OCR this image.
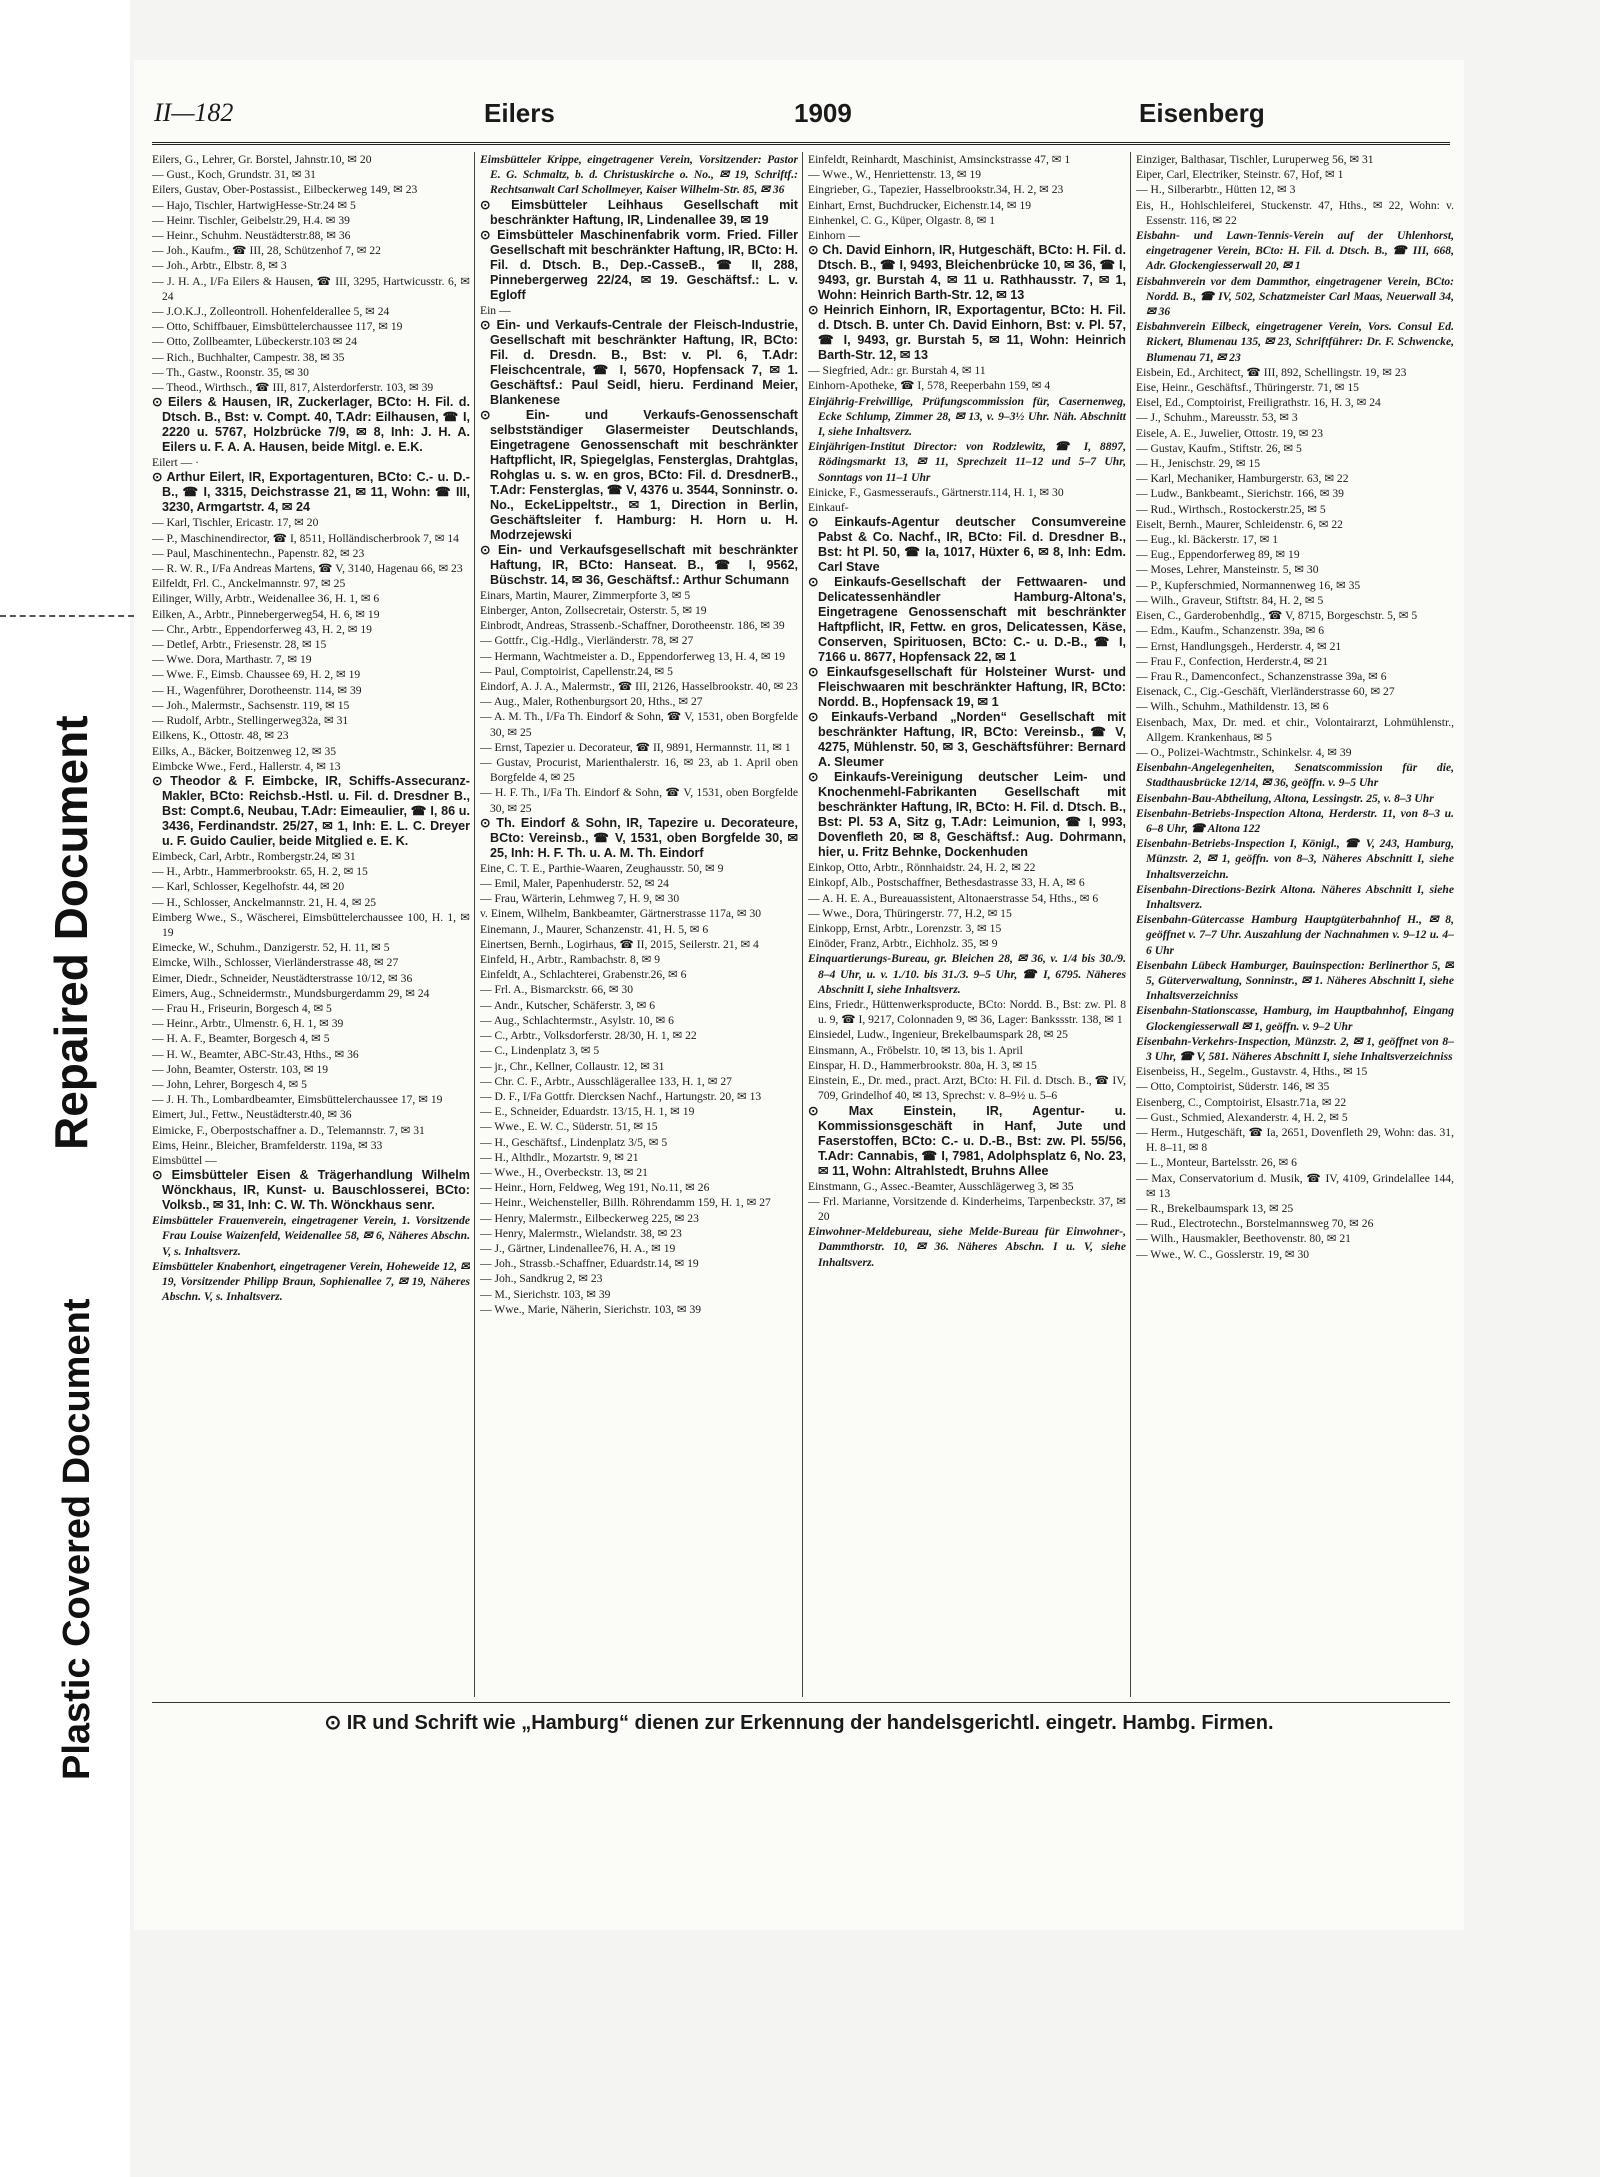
Repaired Document
Plastic Covered Document
II—182	Eilers	1909	Eisenberg
Eilers, G., Lehrer, Gr. Borstel, Jahnstr.10, ✉ 20
— Gust., Koch, Grundstr. 31, ✉ 31
Eilers, Gustav, Ober-Postassist., Eilbeckerweg 149, ✉ 23
— Hajo, Tischler, HartwigHesse-Str.24 ✉ 5
— Heinr. Tischler, Geibelstr.29, H.4. ✉ 39
— Heinr., Schuhm. Neustädterstr.88, ✉ 36
— Joh., Kaufm., ☎ III, 28, Schützenhof 7, ✉ 22
— Joh., Arbtr., Elbstr. 8, ✉ 3
— J. H. A., I/Fa Eilers & Hausen, ☎ III, 3295, Hartwicusstr. 6, ✉ 24
— J.O.K.J., Zolleontroll. Hohenfelderallee 5, ✉ 24
— Otto, Schiffbauer, Eimsbüttelerchaussee 117, ✉ 19
— Otto, Zollbeamter, Lübeckerstr.103 ✉ 24
— Rich., Buchhalter, Campestr. 38, ✉ 35
— Th., Gastw., Roonstr. 35, ✉ 30
— Theod., Wirthsch., ☎ III, 817, Alsterdorferstr. 103, ✉ 39
⊙ Eilers & Hausen, IR, Zuckerlager, BCto: H. Fil. d. Dtsch. B., Bst: v. Compt. 40, T.Adr: Eilhausen, ☎ I, 2220 u. 5767, Holzbrücke 7/9, ✉ 8, Inh: J. H. A. Eilers u. F. A. A. Hausen, beide Mitgl. e. E.K.
Eilert — ·
⊙ Arthur Eilert, IR, Exportagenturen, BCto: C.- u. D.-B., ☎ I, 3315, Deichstrasse 21, ✉ 11, Wohn: ☎ III, 3230, Armgartstr. 4, ✉ 24
— Karl, Tischler, Ericastr. 17, ✉ 20
— P., Maschinendirector, ☎ I, 8511, Holländischerbrook 7, ✉ 14
— Paul, Maschinentechn., Papenstr. 82, ✉ 23
— R. W. R., I/Fa Andreas Martens, ☎ V, 3140, Hagenau 66, ✉ 23
Eilfeldt, Frl. C., Anckelmannstr. 97, ✉ 25
Eilinger, Willy, Arbtr., Weidenallee 36, H. 1, ✉ 6
Eilken, A., Arbtr., Pinnebergerweg54, H. 6, ✉ 19
— Chr., Arbtr., Eppendorferweg 43, H. 2, ✉ 19
— Detlef, Arbtr., Friesenstr. 28, ✉ 15
— Wwe. Dora, Marthastr. 7, ✉ 19
— Wwe. F., Eimsb. Chaussee 69, H. 2, ✉ 19
— H., Wagenführer, Dorotheenstr. 114, ✉ 39
— Joh., Malermstr., Sachsenstr. 119, ✉ 15
— Rudolf, Arbtr., Stellingerweg32a, ✉ 31
Eilkens, K., Ottostr. 48, ✉ 23
Eilks, A., Bäcker, Boitzenweg 12, ✉ 35
Eimbcke Wwe., Ferd., Hallerstr. 4, ✉ 13
⊙ Theodor & F. Eimbcke, IR, Schiffs-Assecuranz-Makler, BCto: Reichsb.-Hstl. u. Fil. d. Dresdner B., Bst: Compt.6, Neubau, T.Adr: Eimeaulier, ☎ I, 86 u. 3436, Ferdinandstr. 25/27, ✉ 1, Inh: E. L. C. Dreyer u. F. Guido Caulier, beide Mitglied e. E. K.
Eimbeck, Carl, Arbtr., Rombergstr.24, ✉ 31
— H., Arbtr., Hammerbrookstr. 65, H. 2, ✉ 15
— Karl, Schlosser, Kegelhofstr. 44, ✉ 20
— H., Schlosser, Anckelmannstr. 21, H. 4, ✉ 25
Eimberg Wwe., S., Wäscherei, Eimsbüttelerchaussee 100, H. 1, ✉ 19
Eimecke, W., Schuhm., Danzigerstr. 52, H. 11, ✉ 5
Eimcke, Wilh., Schlosser, Vierländerstrasse 48, ✉ 27
Eimer, Diedr., Schneider, Neustädterstrasse 10/12, ✉ 36
Eimers, Aug., Schneidermstr., Mundsburgerdamm 29, ✉ 24
— Frau H., Friseurin, Borgesch 4, ✉ 5
— Heinr., Arbtr., Ulmenstr. 6, H. 1, ✉ 39
— H. A. F., Beamter, Borgesch 4, ✉ 5
— H. W., Beamter, ABC-Str.43, Hths., ✉ 36
— John, Beamter, Osterstr. 103, ✉ 19
— John, Lehrer, Borgesch 4, ✉ 5
— J. H. Th., Lombardbeamter, Eimsbüttelerchaussee 17, ✉ 19
Eimert, Jul., Fettw., Neustädterstr.40, ✉ 36
Eimicke, F., Oberpostschaffner a. D., Telemannstr. 7, ✉ 31
Eims, Heinr., Bleicher, Bramfelderstr. 119a, ✉ 33
Eimsbüttel —
⊙ Eimsbütteler Eisen & Trägerhandlung Wilhelm Wönckhaus, IR, Kunst- u. Bauschlosserei, BCto: Volksb., ✉ 31, Inh: C. W. Th. Wönckhaus senr.
Eimsbütteler Frauenverein, eingetragener Verein, 1. Vorsitzende Frau Louise Waizenfeld, Weidenallee 58, ✉ 6, Näheres Abschn. V, s. Inhaltsverz.
Eimsbütteler Knabenhort, eingetragener Verein, Hoheweide 12, ✉ 19, Vorsitzender Philipp Braun, Sophienallee 7, ✉ 19, Näheres Abschn. V, s. Inhaltsverz.
Eimsbütteler Krippe, eingetragener Verein, Vorsitzender: Pastor E. G. Schmaltz, b. d. Christuskirche o. No., ✉ 19, Schriftf.: Rechtsanwalt Carl Schollmeyer, Kaiser Wilhelm-Str. 85, ✉ 36
⊙ Eimsbütteler Leihhaus Gesellschaft mit beschränkter Haftung, IR, Lindenallee 39, ✉ 19
⊙ Eimsbütteler Maschinenfabrik vorm. Fried. Filler Gesellschaft mit beschränkter Haftung, IR, BCto: H. Fil. d. Dtsch. B., Dep.-CasseB., ☎ II, 288, Pinnebergerweg 22/24, ✉ 19. Geschäftsf.: L. v. Egloff
Ein —
⊙ Ein- und Verkaufs-Centrale der Fleisch-Industrie, Gesellschaft mit beschränkter Haftung, IR, BCto: Fil. d. Dresdn. B., Bst: v. Pl. 6, T.Adr: Fleischcentrale, ☎ I, 5670, Hopfensack 7, ✉ 1. Geschäftsf.: Paul Seidl, hieru. Ferdinand Meier, Blankenese
⊙ Ein- und Verkaufs-Genossenschaft selbstständiger Glasermeister Deutschlands, Eingetragene Genossenschaft mit beschränkter Haftpflicht, IR, Spiegelglas, Fensterglas, Drahtglas, Rohglas u. s. w. en gros, BCto: Fil. d. DresdnerB., T.Adr: Fensterglas, ☎ V, 4376 u. 3544, Sonninstr. o. No., EckeLippeltstr., ✉ 1, Direction in Berlin, Geschäftsleiter f. Hamburg: H. Horn u. H. Modrzejewski
⊙ Ein- und Verkaufsgesellschaft mit beschränkter Haftung, IR, BCto: Hanseat. B., ☎ I, 9562, Büschstr. 14, ✉ 36, Geschäftsf.: Arthur Schumann
Einars, Martin, Maurer, Zimmerpforte 3, ✉ 5
Einberger, Anton, Zollsecretair, Osterstr. 5, ✉ 19
Einbrodt, Andreas, Strassenb.-Schaffner, Dorotheenstr. 186, ✉ 39
— Gottfr., Cig.-Hdlg., Vierländerstr. 78, ✉ 27
— Hermann, Wachtmeister a. D., Eppendorferweg 13, H. 4, ✉ 19
— Paul, Comptoirist, Capellenstr.24, ✉ 5
Eindorf, A. J. A., Malermstr., ☎ III, 2126, Hasselbrookstr. 40, ✉ 23
— Aug., Maler, Rothenburgsort 20, Hths., ✉ 27
— A. M. Th., I/Fa Th. Eindorf & Sohn, ☎ V, 1531, oben Borgfelde 30, ✉ 25
— Ernst, Tapezier u. Decorateur, ☎ II, 9891, Hermannstr. 11, ✉ 1
— Gustav, Procurist, Marienthalerstr. 16, ✉ 23, ab 1. April oben Borgfelde 4, ✉ 25
— H. F. Th., I/Fa Th. Eindorf & Sohn, ☎ V, 1531, oben Borgfelde 30, ✉ 25
⊙ Th. Eindorf & Sohn, IR, Tapezire u. Decorateure, BCto: Vereinsb., ☎ V, 1531, oben Borgfelde 30, ✉ 25, Inh: H. F. Th. u. A. M. Th. Eindorf
Eine, C. T. E., Parthie-Waaren, Zeughausstr. 50, ✉ 9
— Emil, Maler, Papenhuderstr. 52, ✉ 24
— Frau, Wärterin, Lehmweg 7, H. 9, ✉ 30
v. Einem, Wilhelm, Bankbeamter, Gärtnerstrasse 117a, ✉ 30
Einemann, J., Maurer, Schanzenstr. 41, H. 5, ✉ 6
Einertsen, Bernh., Logirhaus, ☎ II, 2015, Seilerstr. 21, ✉ 4
Einfeld, H., Arbtr., Rambachstr. 8, ✉ 9
Einfeldt, A., Schlachterei, Grabenstr.26, ✉ 6
— Frl. A., Bismarckstr. 66, ✉ 30
— Andr., Kutscher, Schäferstr. 3, ✉ 6
— Aug., Schlachtermstr., Asylstr. 10, ✉ 6
— C., Arbtr., Volksdorferstr. 28/30, H. 1, ✉ 22
— C., Lindenplatz 3, ✉ 5
— jr., Chr., Kellner, Collaustr. 12, ✉ 31
— Chr. C. F., Arbtr., Ausschlägerallee 133, H. 1, ✉ 27
— D. F., I/Fa Gottfr. Diercksen Nachf., Hartungstr. 20, ✉ 13
— E., Schneider, Eduardstr. 13/15, H. 1, ✉ 19
— Wwe., E. W. C., Süderstr. 51, ✉ 15
— H., Geschäftsf., Lindenplatz 3/5, ✉ 5
— H., Althdlr., Mozartstr. 9, ✉ 21
— Wwe., H., Overbeckstr. 13, ✉ 21
— Heinr., Horn, Feldweg, Weg 191, No.11, ✉ 26
— Heinr., Weichensteller, Billh. Röhrendamm 159, H. 1, ✉ 27
— Henry, Malermstr., Eilbeckerweg 225, ✉ 23
— Henry, Malermstr., Wielandstr. 38, ✉ 23
— J., Gärtner, Lindenallee76, H. A., ✉ 19
— Joh., Strassb.-Schaffner, Eduardstr.14, ✉ 19
— Joh., Sandkrug 2, ✉ 23
— M., Sierichstr. 103, ✉ 39
— Wwe., Marie, Näherin, Sierichstr. 103, ✉ 39
Einfeldt, Reinhardt, Maschinist, Amsinckstrasse 47, ✉ 1
— Wwe., W., Henriettenstr. 13, ✉ 19
Eingrieber, G., Tapezier, Hasselbrookstr.34, H. 2, ✉ 23
Einhart, Ernst, Buchdrucker, Eichenstr.14, ✉ 19
Einhenkel, C. G., Küper, Olgastr. 8, ✉ 1
Einhorn —
⊙ Ch. David Einhorn, IR, Hutgeschäft, BCto: H. Fil. d. Dtsch. B., ☎ I, 9493, Bleichenbrücke 10, ✉ 36, ☎ I, 9493, gr. Burstah 4, ✉ 11 u. Rathhausstr. 7, ✉ 1, Wohn: Heinrich Barth-Str. 12, ✉ 13
⊙ Heinrich Einhorn, IR, Exportagentur, BCto: H. Fil. d. Dtsch. B. unter Ch. David Einhorn, Bst: v. Pl. 57, ☎ I, 9493, gr. Burstah 5, ✉ 11, Wohn: Heinrich Barth-Str. 12, ✉ 13
— Siegfried, Adr.: gr. Burstah 4, ✉ 11
Einhorn-Apotheke, ☎ I, 578, Reeperbahn 159, ✉ 4
Einjährig-Freiwillige, Prüfungscommission für, Casernenweg, Ecke Schlump, Zimmer 28, ✉ 13, v. 9–3½ Uhr. Näh. Abschnitt I, siehe Inhaltsverz.
Einjährigen-Institut Director: von Rodzlewitz, ☎ I, 8897, Rödingsmarkt 13, ✉ 11, Sprechzeit 11–12 und 5–7 Uhr, Sonntags von 11–1 Uhr
Einicke, F., Gasmesseraufs., Gärtnerstr.114, H. 1, ✉ 30
Einkauf-
⊙ Einkaufs-Agentur deutscher Consumvereine Pabst & Co. Nachf., IR, BCto: Fil. d. Dresdner B., Bst: ht Pl. 50, ☎ Ia, 1017, Hüxter 6, ✉ 8, Inh: Edm. Carl Stave
⊙ Einkaufs-Gesellschaft der Fettwaaren- und Delicatessenhändler Hamburg-Altona's, Eingetragene Genossenschaft mit beschränkter Haftpflicht, IR, Fettw. en gros, Delicatessen, Käse, Conserven, Spirituosen, BCto: C.- u. D.-B., ☎ I, 7166 u. 8677, Hopfensack 22, ✉ 1
⊙ Einkaufsgesellschaft für Holsteiner Wurst- und Fleischwaaren mit beschränkter Haftung, IR, BCto: Nordd. B., Hopfensack 19, ✉ 1
⊙ Einkaufs-Verband „Norden“ Gesellschaft mit beschränkter Haftung, IR, BCto: Vereinsb., ☎ V, 4275, Mühlenstr. 50, ✉ 3, Geschäftsführer: Bernard A. Sleumer
⊙ Einkaufs-Vereinigung deutscher Leim- und Knochenmehl-Fabrikanten Gesellschaft mit beschränkter Haftung, IR, BCto: H. Fil. d. Dtsch. B., Bst: Pl. 53 A, Sitz g, T.Adr: Leimunion, ☎ I, 993, Dovenfleth 20, ✉ 8, Geschäftsf.: Aug. Dohrmann, hier, u. Fritz Behnke, Dockenhuden
Einkop, Otto, Arbtr., Rönnhaidstr. 24, H. 2, ✉ 22
Einkopf, Alb., Postschaffner, Bethesdastrasse 33, H. A, ✉ 6
— A. H. E. A., Bureauassistent, Altonaerstrasse 54, Hths., ✉ 6
— Wwe., Dora, Thüringerstr. 77, H.2, ✉ 15
Einkopp, Ernst, Arbtr., Lorenzstr. 3, ✉ 15
Einöder, Franz, Arbtr., Eichholz. 35, ✉ 9
Einquartierungs-Bureau, gr. Bleichen 28, ✉ 36, v. 1/4 bis 30./9. 8–4 Uhr, u. v. 1./10. bis 31./3. 9–5 Uhr, ☎ I, 6795. Näheres Abschnitt I, siehe Inhaltsverz.
Eins, Friedr., Hüttenwerksproducte, BCto: Nordd. B., Bst: zw. Pl. 8 u. 9, ☎ I, 9217, Colonnaden 9, ✉ 36, Lager: Bankssstr. 138, ✉ 1
Einsiedel, Ludw., Ingenieur, Brekelbaumspark 28, ✉ 25
Einsmann, A., Fröbelstr. 10, ✉ 13, bis 1. April
Einspar, H. D., Hammerbrookstr. 80a, H. 3, ✉ 15
Einstein, E., Dr. med., pract. Arzt, BCto: H. Fil. d. Dtsch. B., ☎ IV, 709, Grindelhof 40, ✉ 13, Sprechst: v. 8–9½ u. 5–6
⊙ Max Einstein, IR, Agentur- u. Kommissionsgeschäft in Hanf, Jute und Faserstoffen, BCto: C.- u. D.-B., Bst: zw. Pl. 55/56, T.Adr: Cannabis, ☎ I, 7981, Adolphsplatz 6, No. 23, ✉ 11, Wohn: Altrahlstedt, Bruhns Allee
Einstmann, G., Assec.-Beamter, Ausschlägerweg 3, ✉ 35
— Frl. Marianne, Vorsitzende d. Kinderheims, Tarpenbeckstr. 37, ✉ 20
Einwohner-Meldebureau, siehe Melde-Bureau für Einwohner-, Dammthorstr. 10, ✉ 36. Näheres Abschn. I u. V, siehe Inhaltsverz.
Einziger, Balthasar, Tischler, Luruperweg 56, ✉ 31
Eiper, Carl, Electriker, Steinstr. 67, Hof, ✉ 1
— H., Silberarbtr., Hütten 12, ✉ 3
Eis, H., Hohlschleiferei, Stuckenstr. 47, Hths., ✉ 22, Wohn: v. Essenstr. 116, ✉ 22
Eisbahn- und Lawn-Tennis-Verein auf der Uhlenhorst, eingetragener Verein, BCto: H. Fil. d. Dtsch. B., ☎ III, 668, Adr. Glockengiesserwall 20, ✉ 1
Eisbahnverein vor dem Dammthor, eingetragener Verein, BCto: Nordd. B., ☎ IV, 502, Schatzmeister Carl Maas, Neuerwall 34, ✉ 36
Eisbahnverein Eilbeck, eingetragener Verein, Vors. Consul Ed. Rickert, Blumenau 135, ✉ 23, Schriftführer: Dr. F. Schwencke, Blumenau 71, ✉ 23
Eisbein, Ed., Architect, ☎ III, 892, Schellingstr. 19, ✉ 23
Eise, Heinr., Geschäftsf., Thüringerstr. 71, ✉ 15
Eisel, Ed., Comptoirist, Freiligrathstr. 16, H. 3, ✉ 24
— J., Schuhm., Mareusstr. 53, ✉ 3
Eisele, A. E., Juwelier, Ottostr. 19, ✉ 23
— Gustav, Kaufm., Stiftstr. 26, ✉ 5
— H., Jenischstr. 29, ✉ 15
— Karl, Mechaniker, Hamburgerstr. 63, ✉ 22
— Ludw., Bankbeamt., Sierichstr. 166, ✉ 39
— Rud., Wirthsch., Rostockerstr.25, ✉ 5
Eiselt, Bernh., Maurer, Schleidenstr. 6, ✉ 22
— Eug., kl. Bäckerstr. 17, ✉ 1
— Eug., Eppendorferweg 89, ✉ 19
— Moses, Lehrer, Mansteinstr. 5, ✉ 30
— P., Kupferschmied, Normannenweg 16, ✉ 35
— Wilh., Graveur, Stiftstr. 84, H. 2, ✉ 5
Eisen, C., Garderobenhdlg., ☎ V, 8715, Borgeschstr. 5, ✉ 5
— Edm., Kaufm., Schanzenstr. 39a, ✉ 6
— Ernst, Handlungsgeh., Herderstr. 4, ✉ 21
— Frau F., Confection, Herderstr.4, ✉ 21
— Frau R., Damenconfect., Schanzenstrasse 39a, ✉ 6
Eisenack, C., Cig.-Geschäft, Vierländerstrasse 60, ✉ 27
— Wilh., Schuhm., Mathildenstr. 13, ✉ 6
Eisenbach, Max, Dr. med. et chir., Volontairarzt, Lohmühlenstr., Allgem. Krankenhaus, ✉ 5
— O., Polizei-Wachtmstr., Schinkelsr. 4, ✉ 39
Eisenbahn-Angelegenheiten, Senatscommission für die, Stadthausbrücke 12/14, ✉ 36, geöffn. v. 9–5 Uhr
Eisenbahn-Bau-Abtheilung, Altona, Lessingstr. 25, v. 8–3 Uhr
Eisenbahn-Betriebs-Inspection Altona, Herderstr. 11, von 8–3 u. 6–8 Uhr, ☎ Altona 122
Eisenbahn-Betriebs-Inspection I, Königl., ☎ V, 243, Hamburg, Münzstr. 2, ✉ 1, geöffn. von 8–3, Näheres Abschnitt I, siehe Inhaltsverzeichn.
Eisenbahn-Directions-Bezirk Altona. Näheres Abschnitt I, siehe Inhaltsverz.
Eisenbahn-Gütercasse Hamburg Hauptgüterbahnhof H., ✉ 8, geöffnet v. 7–7 Uhr. Auszahlung der Nachnahmen v. 9–12 u. 4–6 Uhr
Eisenbahn Lübeck Hamburger, Bauinspection: Berlinerthor 5, ✉ 5, Güterverwaltung, Sonninstr., ✉ 1. Näheres Abschnitt I, siehe Inhaltsverzeichniss
Eisenbahn-Stationscasse, Hamburg, im Hauptbahnhof, Eingang Glockengiesserwall ✉ 1, geöffn. v. 9–2 Uhr
Eisenbahn-Verkehrs-Inspection, Münzstr. 2, ✉ 1, geöffnet von 8–3 Uhr, ☎ V, 581. Näheres Abschnitt I, siehe Inhaltsverzeichniss
Eisenbeiss, H., Segelm., Gustavstr. 4, Hths., ✉ 15
— Otto, Comptoirist, Süderstr. 146, ✉ 35
Eisenberg, C., Comptoirist, Elsastr.71a, ✉ 22
— Gust., Schmied, Alexanderstr. 4, H. 2, ✉ 5
— Herm., Hutgeschäft, ☎ Ia, 2651, Dovenfleth 29, Wohn: das. 31, H. 8–11, ✉ 8
— L., Monteur, Bartelsstr. 26, ✉ 6
— Max, Conservatorium d. Musik, ☎ IV, 4109, Grindelallee 144, ✉ 13
— R., Brekelbaumspark 13, ✉ 25
— Rud., Electrotechn., Borstelmannsweg 70, ✉ 26
— Wilh., Hausmakler, Beethovenstr. 80, ✉ 21
— Wwe., W. C., Gosslerstr. 19, ✉ 30
⊙ IR und Schrift wie „Hamburg“ dienen zur Erkennung der handelsgerichtl. eingetr. Hambg. Firmen.
